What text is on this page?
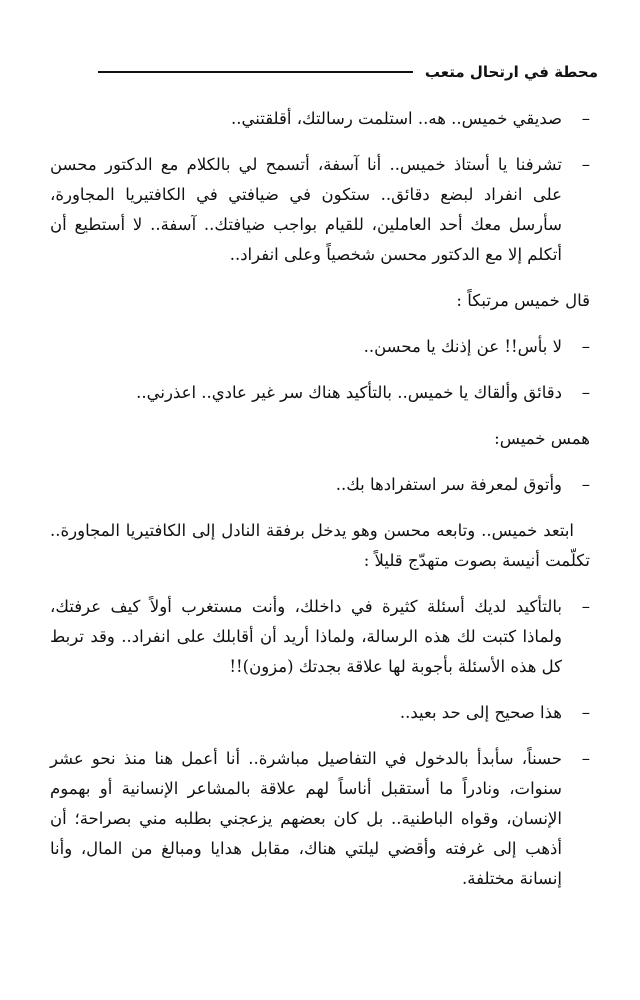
محطة في ارتحال متعب

–
صديقي خميس.. هه.. استلمت رسالتك، أقلقتني..

–
تشرفنا يا أستاذ خميس.. أنا آسفة، أتسمح لي بالكلام مع الدكتور محسن على انفراد لبضع دقائق.. ستكون في ضيافتي في الكافتيريا المجاورة، سأرسل معك أحد العاملين، للقيام بواجب ضيافتك.. آسفة.. لا أستطيع أن أتكلم إلا مع الدكتور محسن شخصياً وعلى انفراد..

قال خميس مرتبكاً :

–
لا بأس!! عن إذنك يا محسن..

–
دقائق وألقاك يا خميس.. بالتأكيد هناك سر غير عادي.. اعذرني..

همس خميس:

–
وأتوق لمعرفة سر استفرادها بك..

ابتعد خميس.. وتابعه محسن وهو يدخل برفقة النادل إلى الكافتيريا المجاورة.. تكلّمت أنيسة بصوت متهدّج قليلاً :

–
بالتأكيد لديك أسئلة كثيرة في داخلك، وأنت مستغرب أولاً كيف عرفتك، ولماذا كتبت لك هذه الرسالة، ولماذا أريد أن أقابلك على انفراد.. وقد تربط كل هذه الأسئلة بأجوبة لها علاقة بجدتك (مزون)!!

–
هذا صحيح إلى حد بعيد..

–
حسناً، سأبدأ بالدخول في التفاصيل مباشرة.. أنا أعمل هنا منذ نحو عشر سنوات، ونادراً ما أستقبل أناساً لهم علاقة بالمشاعر الإنسانية أو بهموم الإنسان، وقواه الباطنية.. بل كان بعضهم يزعجني بطلبه مني بصراحة؛ أن أذهب إلى غرفته وأقضي ليلتي هناك، مقابل هدايا ومبالغ من المال، وأنا إنسانة مختلفة.
